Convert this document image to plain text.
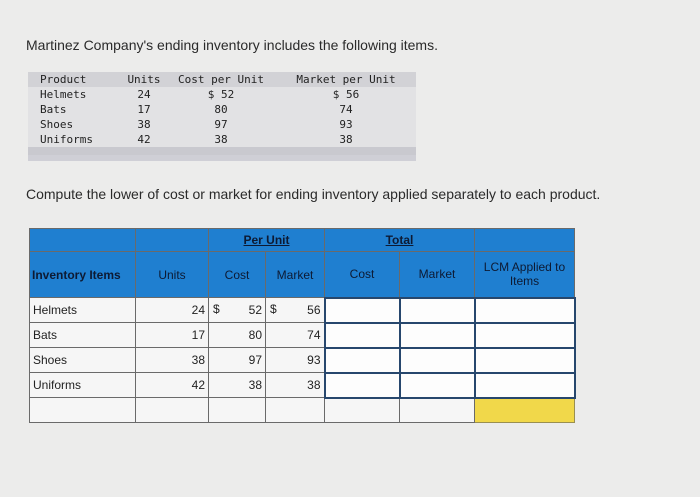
Martinez Company's ending inventory includes the following items.
Product	Units	Cost per Unit	Market per Unit
Helmets	24	$ 52	$ 56
Bats	17	80	74
Shoes	38	97	93
Uniforms	42	38	38
Compute the lower of cost or market for ending inventory applied separately to each product.
		Per Unit		Total		
Inventory Items	Units	Cost	Market	Cost	Market	LCM Applied to Items
Helmets	24	$ 52	$ 56			
Bats	17	80	74			
Shoes	38	97	93			
Uniforms	42	38	38			
